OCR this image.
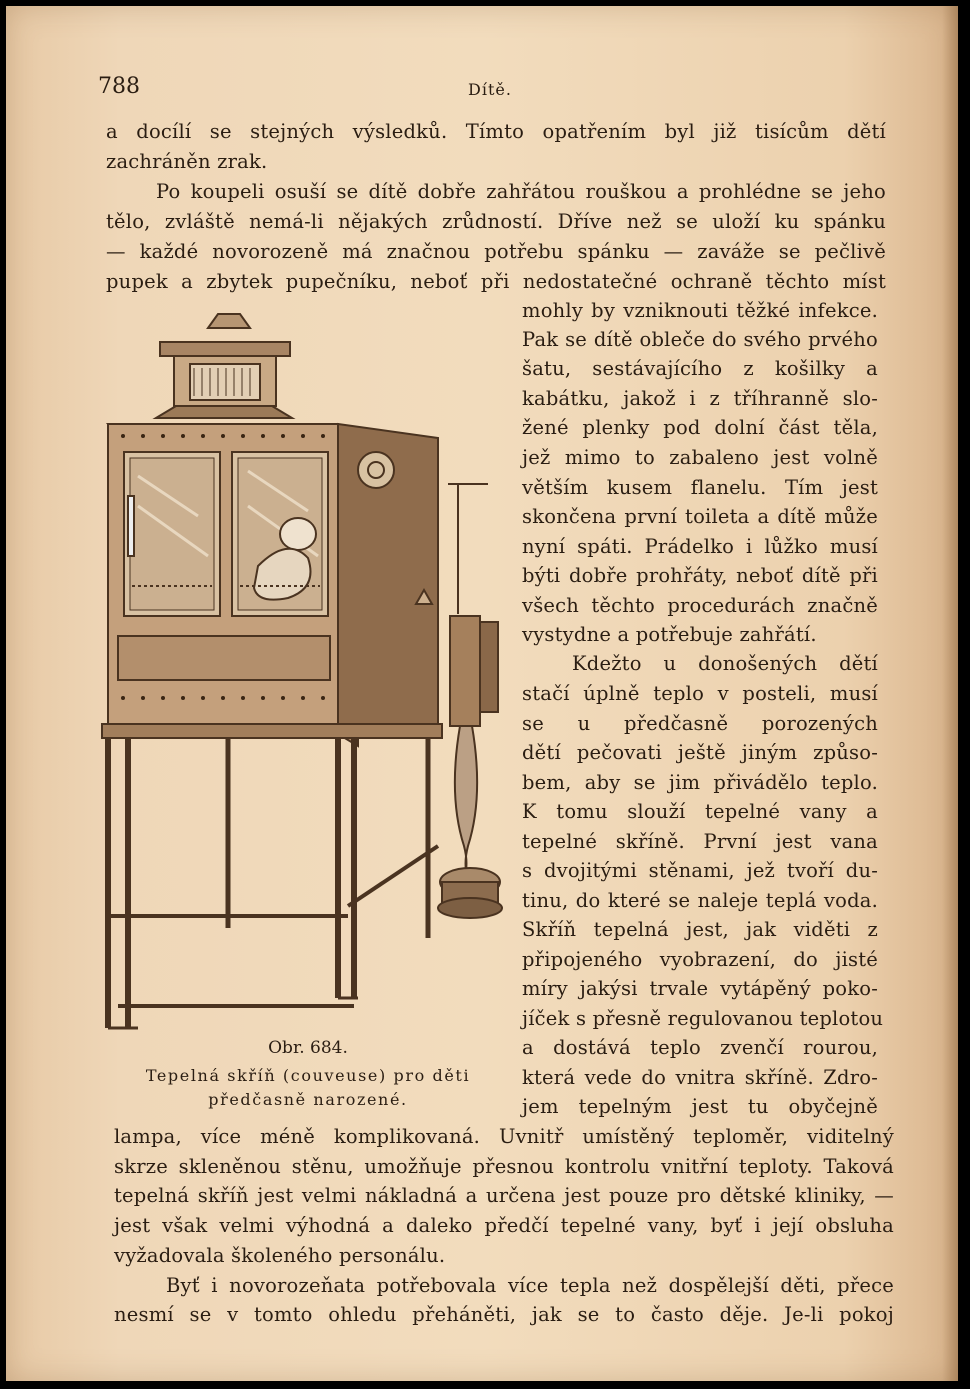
788	Dítě.
a docílí se stejných výsledků. Tímto opatřením byl již tisícům dětí
zachráněn zrak.
Po koupeli osuší se dítě dobře zahřátou rouškou a prohlédne se jeho
tělo, zvláště nemá-li nějakých zrůdností. Dříve než se uloží ku spánku
— každé novorozeně má značnou potřebu spánku — zaváže se pečlivě
pupek a zbytek pupečníku, neboť při nedostatečné ochraně těchto míst
mohly by vzniknouti těžké infekce.
Pak se dítě obleče do svého prvého
šatu, sestávajícího z košilky a
kabátku, jakož i z tříhranně slo-
žené plenky pod dolní část těla,
jež mimo to zabaleno jest volně
větším kusem flanelu. Tím jest
skončena první toileta a dítě může
nyní spáti. Prádelko i lůžko musí
býti dobře prohřáty, neboť dítě při
všech těchto procedurách značně
vystydne a potřebuje zahřátí.
Kdežto u donošených dětí
stačí úplně teplo v posteli, musí
se u předčasně porozených
dětí pečovati ještě jiným způso-
bem, aby se jim přivádělo teplo.
K tomu slouží tepelné vany a
tepelné skříně. První jest vana
s dvojitými stěnami, jež tvoří du-
tinu, do které se naleje teplá voda.
Skříň tepelná jest, jak viděti z
připojeného vyobrazení, do jisté
míry jakýsi trvale vytápěný poko-
jíček s přesně regulovanou teplotou
a dostává teplo zvenčí rourou,
která vede do vnitra skříně. Zdro-
jem tepelným jest tu obyčejně
Obr. 684.
Tepelná skříň (couveuse) pro děti
předčasně narozené.
lampa, více méně komplikovaná. Uvnitř umístěný teploměr, viditelný
skrze skleněnou stěnu, umožňuje přesnou kontrolu vnitřní teploty. Taková
tepelná skříň jest velmi nákladná a určena jest pouze pro dětské kliniky, —
jest však velmi výhodná a daleko předčí tepelné vany, byť i její obsluha
vyžadovala školeného personálu.
Byť i novorozeňata potřebovala více tepla než dospělejší děti, přece
nesmí se v tomto ohledu přeháněti, jak se to často děje. Je-li pokoj
